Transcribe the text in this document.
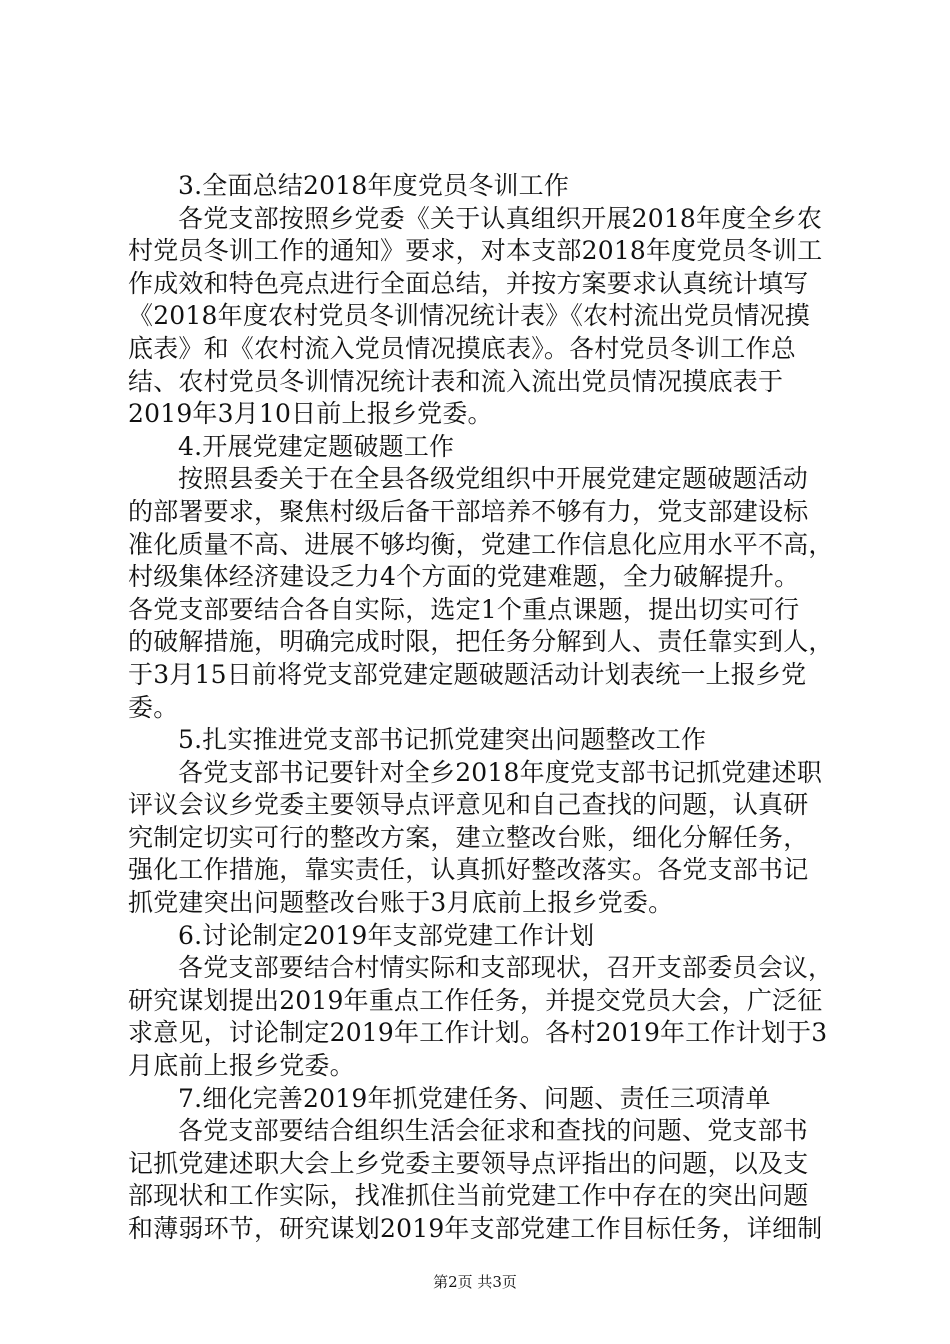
3.全面总结2018年度党员冬训工作
各党支部按照乡党委《关于认真组织开展2018年度全乡农
村党员冬训工作的通知》要求，对本支部2018年度党员冬训工
作成效和特色亮点进行全面总结，并按方案要求认真统计填写
《2018年度农村党员冬训情况统计表》《农村流出党员情况摸
底表》和《农村流入党员情况摸底表》。各村党员冬训工作总
结、农村党员冬训情况统计表和流入流出党员情况摸底表于
2019年3月10日前上报乡党委。
4.开展党建定题破题工作
按照县委关于在全县各级党组织中开展党建定题破题活动
的部署要求，聚焦村级后备干部培养不够有力，党支部建设标
准化质量不高、进展不够均衡，党建工作信息化应用水平不高，
村级集体经济建设乏力4个方面的党建难题，全力破解提升。
各党支部要结合各自实际，选定1个重点课题，提出切实可行
的破解措施，明确完成时限，把任务分解到人、责任靠实到人，
于3月15日前将党支部党建定题破题活动计划表统一上报乡党
委。
5.扎实推进党支部书记抓党建突出问题整改工作
各党支部书记要针对全乡2018年度党支部书记抓党建述职
评议会议乡党委主要领导点评意见和自己查找的问题，认真研
究制定切实可行的整改方案，建立整改台账，细化分解任务，
强化工作措施，靠实责任，认真抓好整改落实。各党支部书记
抓党建突出问题整改台账于3月底前上报乡党委。
6.讨论制定2019年支部党建工作计划
各党支部要结合村情实际和支部现状，召开支部委员会议，
研究谋划提出2019年重点工作任务，并提交党员大会，广泛征
求意见，讨论制定2019年工作计划。各村2019年工作计划于3
月底前上报乡党委。
7.细化完善2019年抓党建任务、问题、责任三项清单
各党支部要结合组织生活会征求和查找的问题、党支部书
记抓党建述职大会上乡党委主要领导点评指出的问题，以及支
部现状和工作实际，找准抓住当前党建工作中存在的突出问题
和薄弱环节，研究谋划2019年支部党建工作目标任务，详细制
第2页 共3页
